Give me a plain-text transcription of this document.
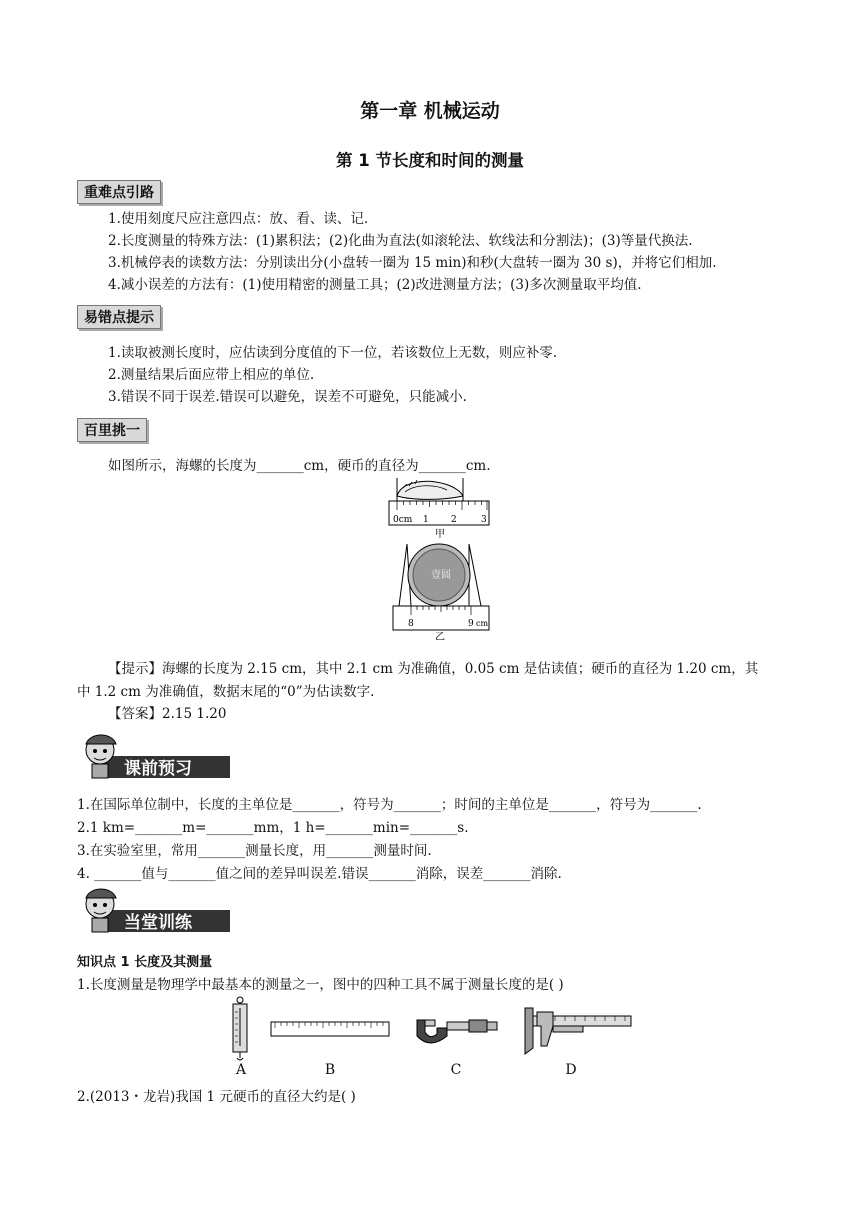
第一章 机械运动
第 1 节长度和时间的测量
重难点引路
1.使用刻度尺应注意四点：放、看、读、记.
2.长度测量的特殊方法：(1)累积法；(2)化曲为直法(如滚轮法、软线法和分割法)；(3)等量代换法.
3.机械停表的读数方法：分别读出分(小盘转一圈为 15 min)和秒(大盘转一圈为 30 s)，并将它们相加.
4.减小误差的方法有：(1)使用精密的测量工具；(2)改进测量方法；(3)多次测量取平均值.
易错点提示
1.读取被测长度时，应估读到分度值的下一位，若该数位上无数，则应补零.
2.测量结果后面应带上相应的单位.
3.错误不同于误差.错误可以避免，误差不可避免，只能减小.
百里挑一
如图所示，海螺的长度为_______cm，硬币的直径为_______cm.
0cm 1 2	3
甲
壹圆
8	9 cm
乙
【提示】海螺的长度为 2.15 cm，其中 2.1 cm 为准确值，0.05 cm 是估读值；硬币的直径为 1.20 cm，其
中 1.2 cm 为准确值，数据末尾的“0”为估读数字.
【答案】2.15 1.20
课前预习
1.在国际单位制中，长度的主单位是_______，符号为_______；时间的主单位是_______，符号为_______.
2.1 km=_______m=_______mm，1 h=_______min=_______s.
3.在实验室里，常用_______测量长度，用_______测量时间.
4. _______值与_______值之间的差异叫误差.错误_______消除，误差_______消除.
当堂训练
知识点 1 长度及其测量
1.长度测量是物理学中最基本的测量之一，图中的四种工具不属于测量长度的是( )
A	B	C	D
2.(2013・龙岩)我国 1 元硬币的直径大约是( )
